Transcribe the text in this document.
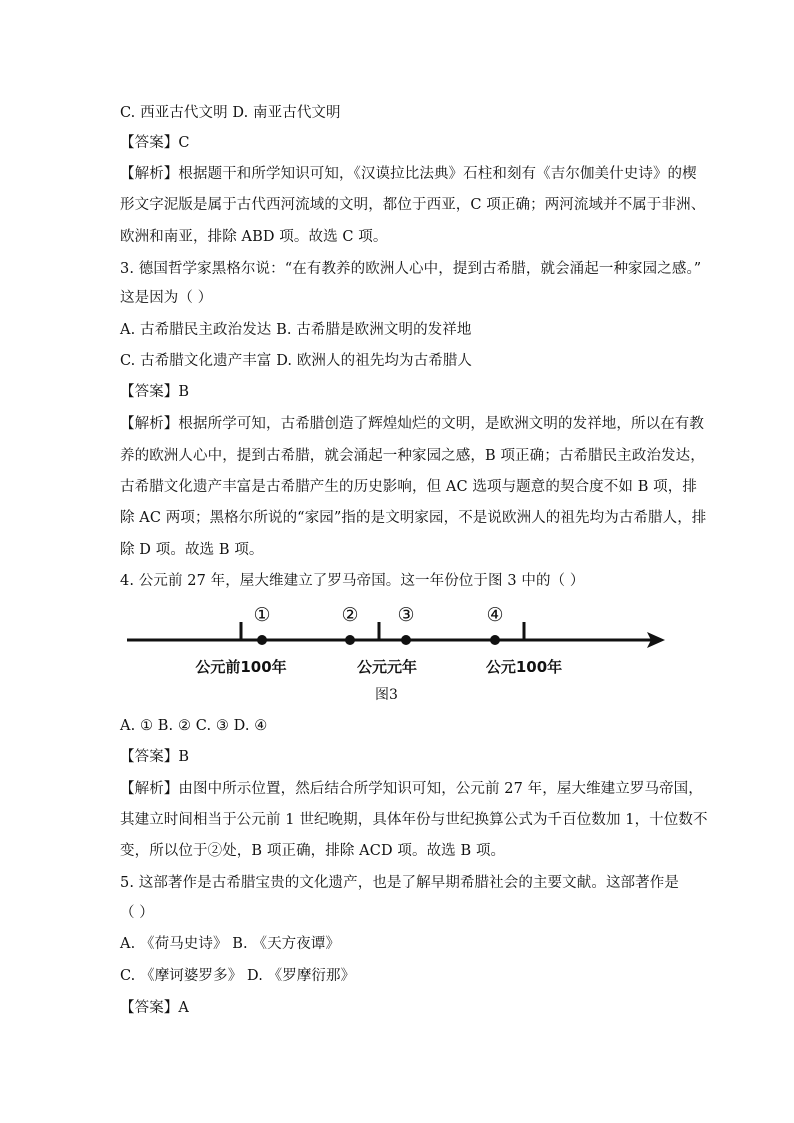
C. 西亚古代文明 D. 南亚古代文明
【答案】C
【解析】根据题干和所学知识可知，《汉谟拉比法典》石柱和刻有《吉尔伽美什史诗》的楔
形文字泥版是属于古代西河流域的文明，都位于西亚，C 项正确；两河流域并不属于非洲、
欧洲和南亚，排除 ABD 项。故选 C 项。
3. 德国哲学家黑格尔说：“在有教养的欧洲人心中，提到古希腊，就会涌起一种家园之感。”
这是因为（ ）
A. 古希腊民主政治发达 B. 古希腊是欧洲文明的发祥地
C. 古希腊文化遗产丰富 D. 欧洲人的祖先均为古希腊人
【答案】B
【解析】根据所学可知，古希腊创造了辉煌灿烂的文明，是欧洲文明的发祥地，所以在有教
养的欧洲人心中，提到古希腊，就会涌起一种家园之感，B 项正确；古希腊民主政治发达，
古希腊文化遗产丰富是古希腊产生的历史影响，但 AC 选项与题意的契合度不如 B 项，排
除 AC 两项；黑格尔所说的“家园”指的是文明家园，不是说欧洲人的祖先均为古希腊人，排
除 D 项。故选 B 项。
4. 公元前 27 年，屋大维建立了罗马帝国。这一年份位于图 3 中的（ ）
①	② ③	④
公元前100年	公元元年	公元100年
图3
A. ① B. ② C. ③ D. ④
【答案】B
【解析】由图中所示位置，然后结合所学知识可知，公元前 27 年，屋大维建立罗马帝国，
其建立时间相当于公元前 1 世纪晚期，具体年份与世纪换算公式为千百位数加 1，十位数不
变，所以位于②处，B 项正确，排除 ACD 项。故选 B 项。
5. 这部著作是古希腊宝贵的文化遗产，也是了解早期希腊社会的主要文献。这部著作是
（ ）
A. 《荷马史诗》 B. 《天方夜谭》
C. 《摩诃婆罗多》 D. 《罗摩衍那》
【答案】A
